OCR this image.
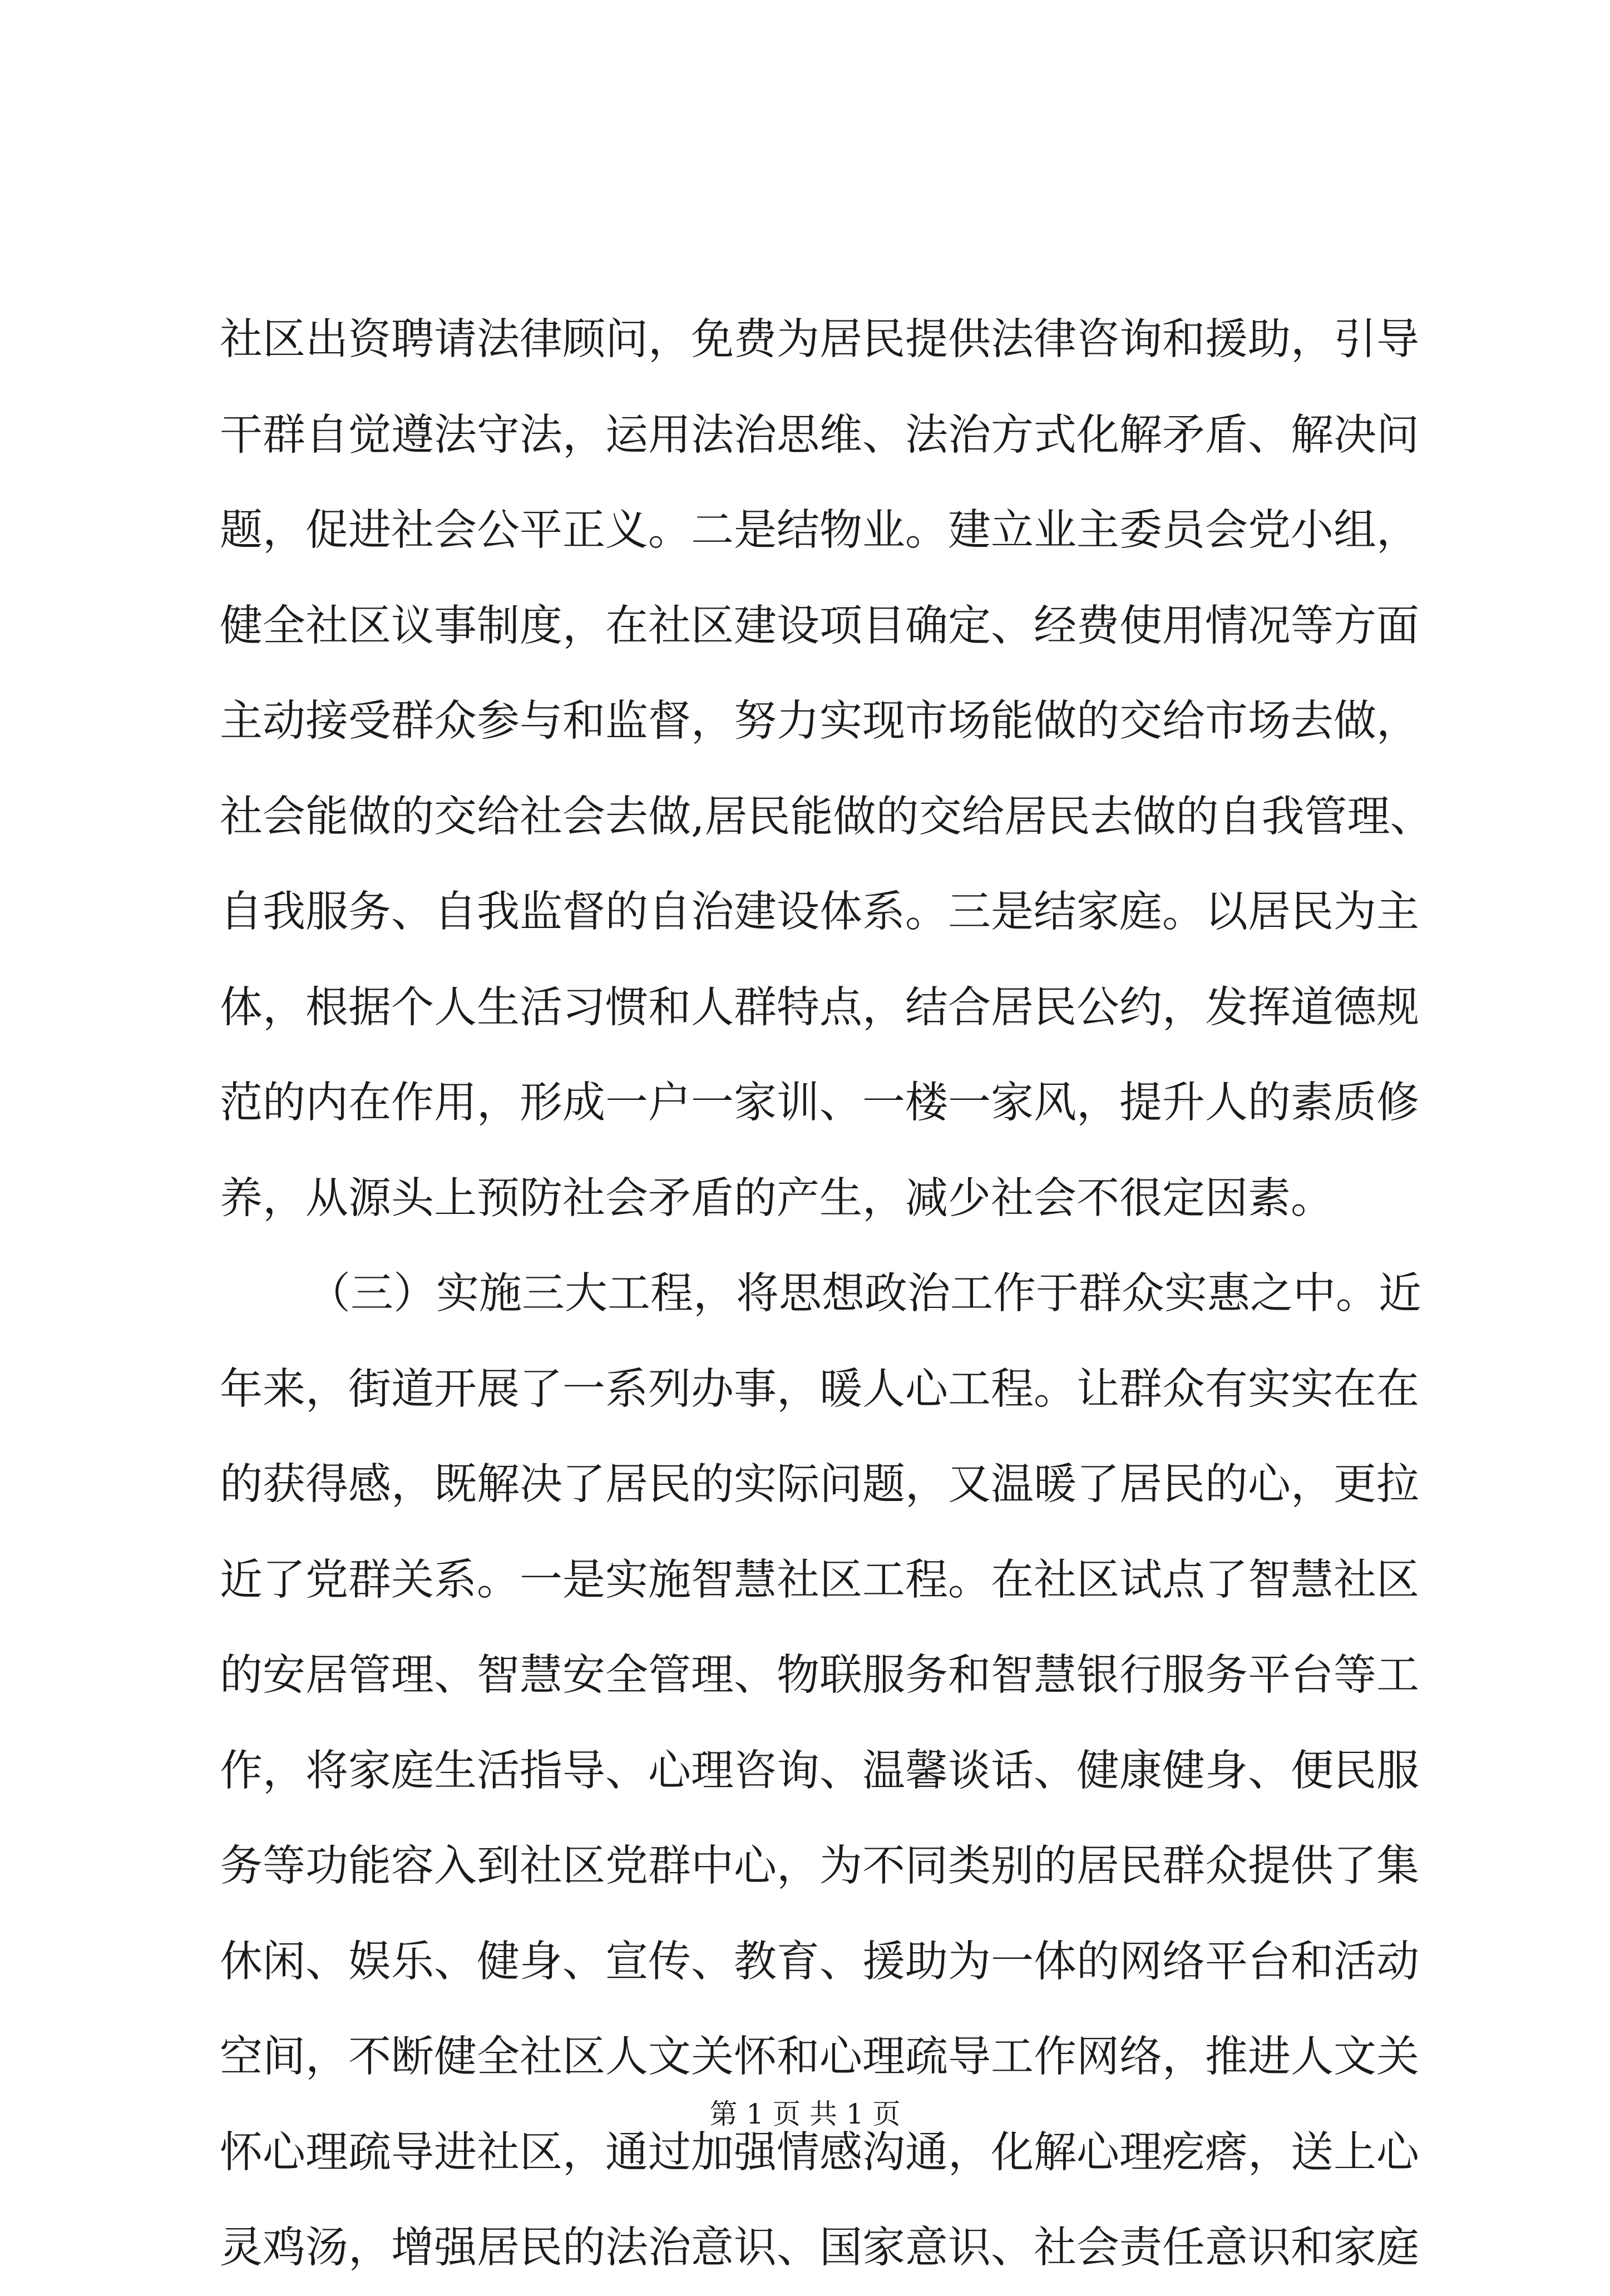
社区出资聘请法律顾问，免费为居民提供法律咨询和援助，引导
干群自觉遵法守法，运用法治思维、法治方式化解矛盾、解决问
题，促进社会公平正义。二是结物业。建立业主委员会党小组，
健全社区议事制度，在社区建设项目确定、经费使用情况等方面
主动接受群众参与和监督，努力实现市场能做的交给市场去做，
社会能做的交给社会去做,居民能做的交给居民去做的自我管理、
自我服务、自我监督的自治建设体系。三是结家庭。以居民为主
体，根据个人生活习惯和人群特点，结合居民公约，发挥道德规
范的内在作用，形成一户一家训、一楼一家风，提升人的素质修
养，从源头上预防社会矛盾的产生，减少社会不很定因素。
（三）实施三大工程，将思想政治工作于群众实惠之中。近
年来，街道开展了一系列办事，暖人心工程。让群众有实实在在
的获得感，既解决了居民的实际问题，又温暖了居民的心，更拉
近了党群关系。一是实施智慧社区工程。在社区试点了智慧社区
的安居管理、智慧安全管理、物联服务和智慧银行服务平台等工
作，将家庭生活指导、心理咨询、温馨谈话、健康健身、便民服
务等功能容入到社区党群中心，为不同类别的居民群众提供了集
休闲、娱乐、健身、宣传、教育、援助为一体的网络平台和活动
空间，不断健全社区人文关怀和心理疏导工作网络，推进人文关
怀心理疏导进社区，通过加强情感沟通，化解心理疙瘩，送上心
灵鸡汤，增强居民的法治意识、国家意识、社会责任意识和家庭
第 1 页 共 1 页
